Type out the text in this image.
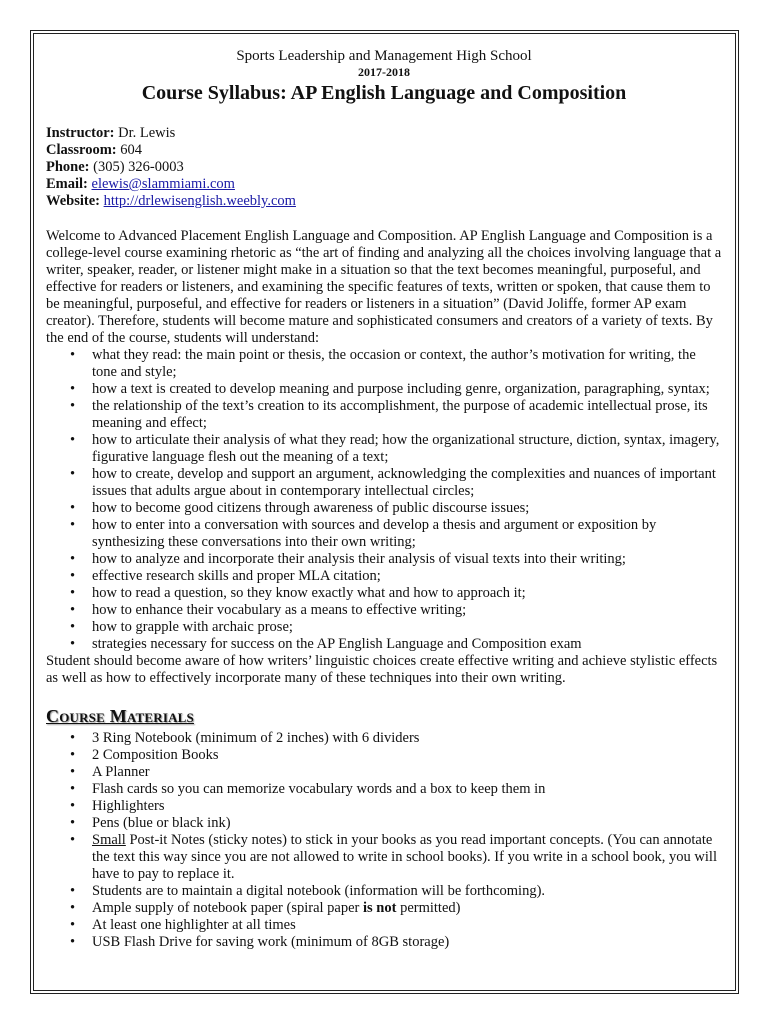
Sports Leadership and Management High School
2017-2018
Course Syllabus: AP English Language and Composition
Instructor: Dr. Lewis
Classroom: 604
Phone: (305) 326-0003
Email: elewis@slammiami.com
Website: http://drlewisenglish.weebly.com
Welcome to Advanced Placement English Language and Composition. AP English Language and Composition is a college-level course examining rhetoric as “the art of finding and analyzing all the choices involving language that a writer, speaker, reader, or listener might make in a situation so that the text becomes meaningful, purposeful, and effective for readers or listeners, and examining the specific features of texts, written or spoken, that cause them to be meaningful, purposeful, and effective for readers or listeners in a situation” (David Joliffe, former AP exam creator). Therefore, students will become mature and sophisticated consumers and creators of a variety of texts. By the end of the course, students will understand:
• what they read: the main point or thesis, the occasion or context, the author’s motivation for writing, the tone and style;
• how a text is created to develop meaning and purpose including genre, organization, paragraphing, syntax;
• the relationship of the text’s creation to its accomplishment, the purpose of academic intellectual prose, its meaning and effect;
• how to articulate their analysis of what they read; how the organizational structure, diction, syntax, imagery, figurative language flesh out the meaning of a text;
• how to create, develop and support an argument, acknowledging the complexities and nuances of important issues that adults argue about in contemporary intellectual circles;
• how to become good citizens through awareness of public discourse issues;
• how to enter into a conversation with sources and develop a thesis and argument or exposition by synthesizing these conversations into their own writing;
• how to analyze and incorporate their analysis their analysis of visual texts into their writing;
• effective research skills and proper MLA citation;
• how to read a question, so they know exactly what and how to approach it;
• how to enhance their vocabulary as a means to effective writing;
• how to grapple with archaic prose;
• strategies necessary for success on the AP English Language and Composition exam
Student should become aware of how writers’ linguistic choices create effective writing and achieve stylistic effects as well as how to effectively incorporate many of these techniques into their own writing.
Course Materials
• 3 Ring Notebook (minimum of 2 inches) with 6 dividers
• 2 Composition Books
• A Planner
• Flash cards so you can memorize vocabulary words and a box to keep them in
• Highlighters
• Pens (blue or black ink)
• Small Post-it Notes (sticky notes) to stick in your books as you read important concepts. (You can annotate the text this way since you are not allowed to write in school books). If you write in a school book, you will have to pay to replace it.
• Students are to maintain a digital notebook (information will be forthcoming).
• Ample supply of notebook paper (spiral paper is not permitted)
• At least one highlighter at all times
• USB Flash Drive for saving work (minimum of 8GB storage)
